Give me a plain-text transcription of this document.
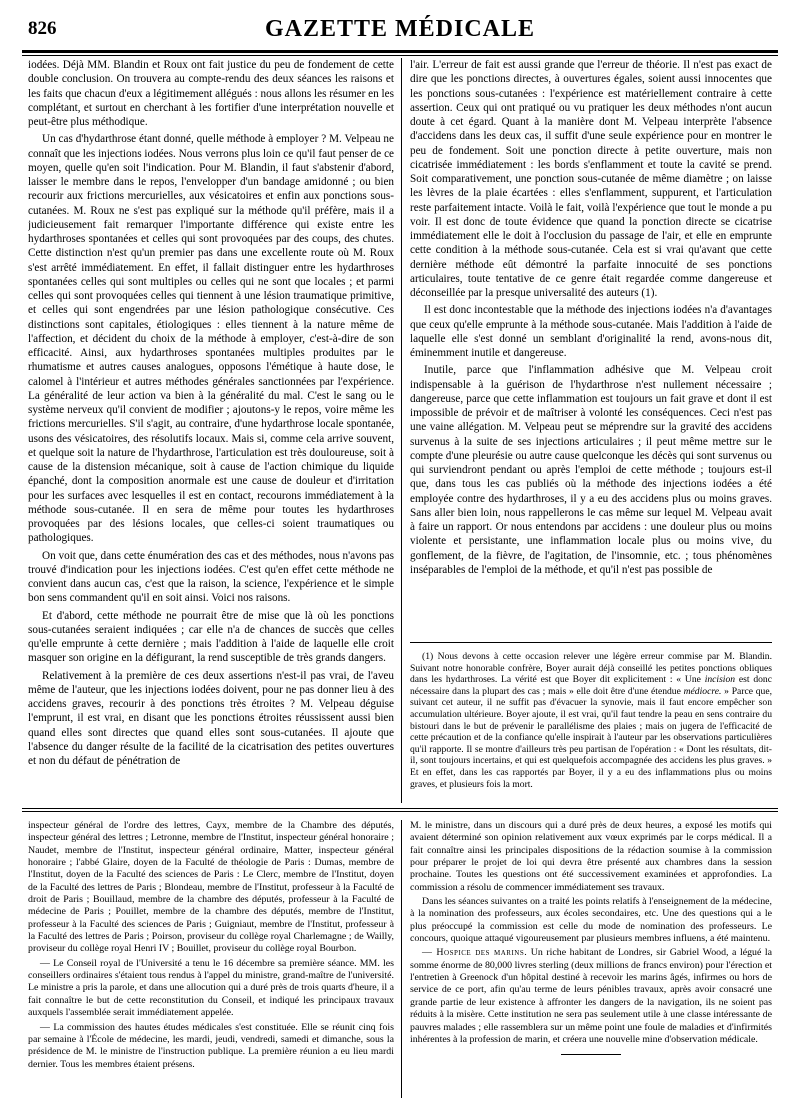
826	GAZETTE MÉDICALE

iodées. Déjà MM. Blandin et Roux ont fait justice du peu de fondement de cette double conclusion. On trouvera au compte-rendu des deux séances les raisons et les faits que chacun d'eux a légitimement allégués : nous allons les résumer en les complétant, et surtout en cherchant à les fortifier d'une interprétation nouvelle et peut-être plus méthodique.

Un cas d'hydarthrose étant donné, quelle méthode à employer ? M. Velpeau ne connaît que les injections iodées. Nous verrons plus loin ce qu'il faut penser de ce moyen, quelle qu'en soit l'indication. Pour M. Blandin, il faut s'abstenir d'abord, laisser le membre dans le repos, l'envelopper d'un bandage amidonné ; ou bien recourir aux frictions mercurielles, aux vésicatoires et enfin aux ponctions sous-cutanées. M. Roux ne s'est pas expliqué sur la méthode qu'il préfère, mais il a judicieusement fait remarquer l'importante différence qui existe entre les hydarthroses spontanées et celles qui sont provoquées par des coups, des chutes. Cette distinction n'est qu'un premier pas dans une excellente route où M. Roux s'est arrêté immédiatement. En effet, il fallait distinguer entre les hydarthroses spontanées celles qui sont multiples ou celles qui ne sont que locales ; et parmi celles qui sont provoquées celles qui tiennent à une lésion traumatique primitive, et celles qui sont engendrées par une lésion pathologique consécutive. Ces distinctions sont capitales, étiologiques : elles tiennent à la nature même de l'affection, et décident du choix de la méthode à employer, c'est-à-dire de son efficacité. Ainsi, aux hydarthroses spontanées multiples produites par le rhumatisme et autres causes analogues, opposons l'émétique à haute dose, le calomel à l'intérieur et autres méthodes générales sanctionnées par l'expérience. La généralité de leur action va bien à la généralité du mal. C'est le sang ou le système nerveux qu'il convient de modifier ; ajoutons-y le repos, voire même les frictions mercurielles. S'il s'agit, au contraire, d'une hydarthrose locale spontanée, usons des vésicatoires, des résolutifs locaux. Mais si, comme cela arrive souvent, et quelque soit la nature de l'hydarthrose, l'articulation est très douloureuse, soit à cause de la distension mécanique, soit à cause de l'action chimique du liquide épanché, dont la composition anormale est une cause de douleur et d'irritation pour les surfaces avec lesquelles il est en contact, recourons immédiatement à la méthode sous-cutanée. Il en sera de même pour toutes les hydarthroses provoquées par des lésions locales, que celles-ci soient traumatiques ou pathologiques.

On voit que, dans cette énumération des cas et des méthodes, nous n'avons pas trouvé d'indication pour les injections iodées. C'est qu'en effet cette méthode ne convient dans aucun cas, c'est que la raison, la science, l'expérience et le simple bon sens commandent qu'il en soit ainsi. Voici nos raisons.

Et d'abord, cette méthode ne pourrait être de mise que là où les ponctions sous-cutanées seraient indiquées ; car elle n'a de chances de succès que celles qu'elle emprunte à cette dernière ; mais l'addition à l'aide de laquelle elle croit masquer son origine en la défigurant, la rend susceptible de très grands dangers.

Relativement à la première de ces deux assertions n'est-il pas vrai, de l'aveu même de l'auteur, que les injections iodées doivent, pour ne pas donner lieu à des accidens graves, recourir à des ponctions très étroites ? M. Velpeau déguise l'emprunt, il est vrai, en disant que les ponctions étroites réussissent aussi bien quand elles sont directes que quand elles sont sous-cutanées. Il ajoute que l'absence du danger résulte de la facilité de la cicatrisation des petites ouvertures et non du défaut de pénétration de

l'air. L'erreur de fait est aussi grande que l'erreur de théorie. Il n'est pas exact de dire que les ponctions directes, à ouvertures égales, soient aussi innocentes que les ponctions sous-cutanées : l'expérience est matériellement contraire à cette assertion. Ceux qui ont pratiqué ou vu pratiquer les deux méthodes n'ont aucun doute à cet égard. Quant à la manière dont M. Velpeau interprète l'absence d'accidens dans les deux cas, il suffit d'une seule expérience pour en montrer le peu de fondement. Soit une ponction directe à petite ouverture, mais non cicatrisée immédiatement : les bords s'enflamment et toute la cavité se prend. Soit comparativement, une ponction sous-cutanée de même diamètre ; on laisse les lèvres de la plaie écartées : elles s'enflamment, suppurent, et l'articulation reste parfaitement intacte. Voilà le fait, voilà l'expérience que tout le monde a pu voir. Il est donc de toute évidence que quand la ponction directe se cicatrise immédiatement elle le doit à l'occlusion du passage de l'air, et elle en emprunte cette condition à la méthode sous-cutanée. Cela est si vrai qu'avant que cette dernière méthode eût démontré la parfaite innocuité de ses ponctions articulaires, toute tentative de ce genre était regardée comme dangereuse et déconseillée par la presque universalité des auteurs (1).

Il est donc incontestable que la méthode des injections iodées n'a d'avantages que ceux qu'elle emprunte à la méthode sous-cutanée. Mais l'addition à l'aide de laquelle elle s'est donné un semblant d'originalité la rend, avons-nous dit, éminemment inutile et dangereuse.

Inutile, parce que l'inflammation adhésive que M. Velpeau croit indispensable à la guérison de l'hydarthrose n'est nullement nécessaire ; dangereuse, parce que cette inflammation est toujours un fait grave et dont il est impossible de prévoir et de maîtriser à volonté les conséquences. Ceci n'est pas une vaine allégation. M. Velpeau peut se méprendre sur la gravité des accidens survenus à la suite de ses injections articulaires ; il peut même mettre sur le compte d'une pleurésie ou autre cause quelconque les décès qui sont survenus ou qui surviendront pendant ou après l'emploi de cette méthode ; toujours est-il que, dans tous les cas publiés où la méthode des injections iodées a été employée contre des hydarthroses, il y a eu des accidens plus ou moins graves. Sans aller bien loin, nous rappellerons le cas même sur lequel M. Velpeau avait à faire un rapport. Or nous entendons par accidens : une douleur plus ou moins violente et persistante, une inflammation locale plus ou moins vive, du gonflement, de la fièvre, de l'agitation, de l'insomnie, etc. ; tous phénomènes inséparables de l'emploi de la méthode, et qu'il n'est pas possible de

(1) Nous devons à cette occasion relever une légère erreur commise par M. Blandin. Suivant notre honorable confrère, Boyer aurait déjà conseillé les petites ponctions obliques dans les hydarthroses. La vérité est que Boyer dit explicitement : « Une incision est donc nécessaire dans la plupart des cas ; mais » elle doit être d'une étendue médiocre. » Parce que, suivant cet auteur, il ne suffit pas d'évacuer la synovie, mais il faut encore empêcher son accumulation ultérieure. Boyer ajoute, il est vrai, qu'il faut tendre la peau en sens contraire du bistouri dans le but de prévenir le parallélisme des plaies ; mais on jugera de l'efficacité de cette précaution et de la confiance qu'elle inspirait à l'auteur par les observations particulières qu'il rapporte. Il se montre d'ailleurs très peu partisan de l'opération : « Dont les résultats, dit-il, sont toujours incertains, et qui est quelquefois accompagnée des accidens les plus graves. » Et en effet, dans les cas rapportés par Boyer, il y a eu des inflammations plus ou moins graves, et plusieurs fois la mort.

inspecteur général de l'ordre des lettres, Cayx, membre de la Chambre des députés, inspecteur général des lettres ; Letronne, membre de l'Institut, inspecteur général honoraire ; Naudet, membre de l'Institut, inspecteur général ordinaire, Matter, inspecteur général honoraire ; l'abbé Glaire, doyen de la Faculté de théologie de Paris : Dumas, membre de l'Institut, doyen de la Faculté des sciences de Paris : Le Clerc, membre de l'Institut, doyen de la Faculté des lettres de Paris ; Blondeau, membre de l'Institut, professeur à la Faculté de droit de Paris ; Bouillaud, membre de la chambre des députés, professeur à la Faculté de médecine de Paris ; Pouillet, membre de la chambre des députés, membre de l'Institut, professeur à la Faculté des sciences de Paris ; Guigniaut, membre de l'Institut, professeur à la Faculté des lettres de Paris ; Poirson, proviseur du collège royal Charlemagne ; de Wailly, proviseur du collège royal Henri IV ; Bouillet, proviseur du collège royal Bourbon.

— Le Conseil royal de l'Université a tenu le 16 décembre sa première séance. MM. les conseillers ordinaires s'étaient tous rendus à l'appel du ministre, grand-maître de l'université. Le ministre a pris la parole, et dans une allocution qui a duré près de trois quarts d'heure, il a fait connaître le but de cette reconstitution du Conseil, et indiqué les principaux travaux auxquels l'assemblée serait immédiatement appelée.

— La commission des hautes études médicales s'est constituée. Elle se réunit cinq fois par semaine à l'École de médecine, les mardi, jeudi, vendredi, samedi et dimanche, sous la présidence de M. le ministre de l'instruction publique. La première réunion a eu lieu mardi dernier. Tous les membres étaient présens.

M. le ministre, dans un discours qui a duré près de deux heures, a exposé les motifs qui avaient déterminé son opinion relativement aux vœux exprimés par le corps médical. Il a fait connaître ainsi les principales dispositions de la rédaction soumise à la commission pour préparer le projet de loi qui devra être présenté aux chambres dans la session prochaine. Toutes les questions ont été successivement examinées et approfondies. La commission a résolu de commencer immédiatement ses travaux.

Dans les séances suivantes on a traité les points relatifs à l'enseignement de la médecine, à la nomination des professeurs, aux écoles secondaires, etc. Une des questions qui a le plus préoccupé la commission est celle du mode de nomination des professeurs. Le concours, quoique attaqué vigoureusement par plusieurs membres influens, a été maintenu.

— Hospice des marins. Un riche habitant de Londres, sir Gabriel Wood, a légué la somme énorme de 80,000 livres sterling (deux millions de francs environ) pour l'érection et l'entretien à Greenock d'un hôpital destiné à recevoir les marins âgés, infirmes ou hors de service de ce port, afin qu'au terme de leurs pénibles travaux, après avoir consacré une grande partie de leur existence à affronter les dangers de la navigation, ils ne soient pas réduits à la misère. Cette institution ne sera pas seulement utile à une classe intéressante de pauvres malades ; elle rassemblera sur un même point une foule de maladies et d'infirmités inhérentes à la profession de marin, et créera une nouvelle mine d'observation médicale.
